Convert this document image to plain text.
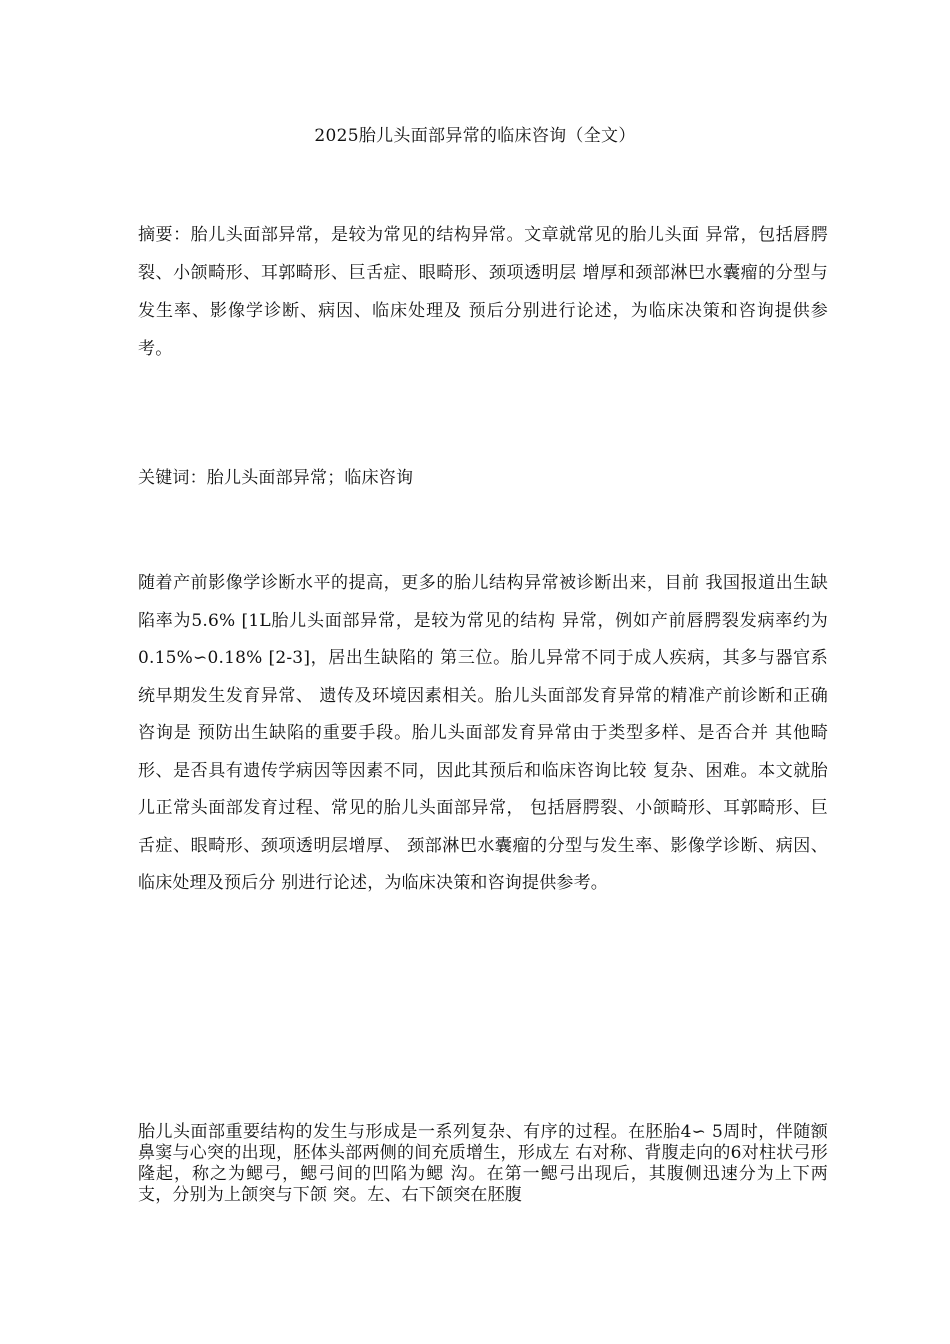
2025胎儿头面部异常的临床咨询（全文）

摘要：胎儿头面部异常，是较为常见的结构异常。文章就常见的胎儿头面 异常，包括唇腭裂、小颌畸形、耳郭畸形、巨舌症、眼畸形、颈项透明层 增厚和颈部淋巴水囊瘤的分型与发生率、影像学诊断、病因、临床处理及 预后分别进行论述，为临床决策和咨询提供参考。

关键词：胎儿头面部异常；临床咨询

随着产前影像学诊断水平的提高，更多的胎儿结构异常被诊断出来，目前 我国报道出生缺陷率为5.6% [1L胎儿头面部异常，是较为常见的结构 异常，例如产前唇腭裂发病率约为0.15%∽0.18% [2-3]，居出生缺陷的 第三位。胎儿异常不同于成人疾病，其多与器官系统早期发生发育异常、 遗传及环境因素相关。胎儿头面部发育异常的精准产前诊断和正确咨询是 预防出生缺陷的重要手段。胎儿头面部发育异常由于类型多样、是否合并 其他畸形、是否具有遗传学病因等因素不同，因此其预后和临床咨询比较 复杂、困难。本文就胎儿正常头面部发育过程、常见的胎儿头面部异常， 包括唇腭裂、小颌畸形、耳郭畸形、巨舌症、眼畸形、颈项透明层增厚、 颈部淋巴水囊瘤的分型与发生率、影像学诊断、病因、临床处理及预后分 别进行论述，为临床决策和咨询提供参考。

胎儿头面部重要结构的发生与形成是一系列复杂、有序的过程。在胚胎4∽ 5周时，伴随额鼻窦与心突的出现，胚体头部两侧的间充质增生，形成左 右对称、背腹走向的6对柱状弓形隆起，称之为鳃弓，鳃弓间的凹陷为鳃 沟。在第一鳃弓出现后，其腹侧迅速分为上下两支，分别为上颌突与下颌 突。左、右下颌突在胚腹
